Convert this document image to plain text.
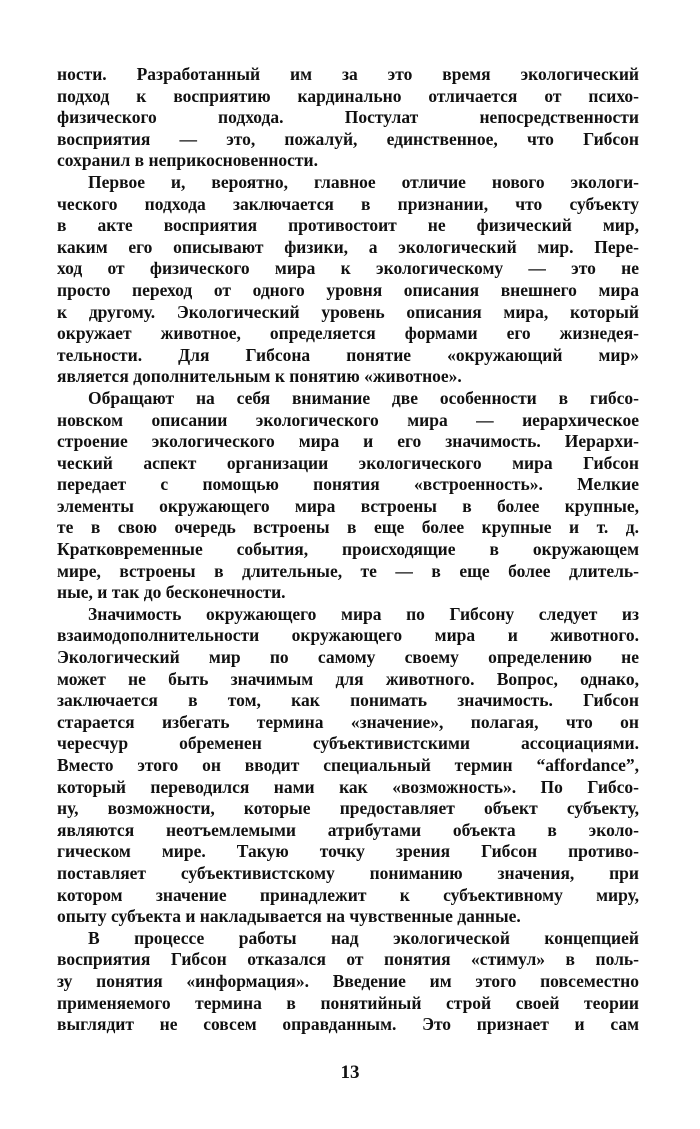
ности. Разработанный им за это время экологический
подход к восприятию кардинально отличается от психо-
физического подхода. Постулат непосредственности
восприятия — это, пожалуй, единственное, что Гибсон
сохранил в неприкосновенности.
Первое и, вероятно, главное отличие нового экологи-
ческого подхода заключается в признании, что субъекту
в акте восприятия противостоит не физический мир,
каким его описывают физики, а экологический мир. Пере-
ход от физического мира к экологическому — это не
просто переход от одного уровня описания внешнего мира
к другому. Экологический уровень описания мира, который
окружает животное, определяется формами его жизнедея-
тельности. Для Гибсона понятие «окружающий мир»
является дополнительным к понятию «животное».
Обращают на себя внимание две особенности в гибсо-
новском описании экологического мира — иерархическое
строение экологического мира и его значимость. Иерархи-
ческий аспект организации экологического мира Гибсон
передает с помощью понятия «встроенность». Мелкие
элементы окружающего мира встроены в более крупные,
те в свою очередь встроены в еще более крупные и т. д.
Кратковременные события, происходящие в окружающем
мире, встроены в длительные, те — в еще более длитель-
ные, и так до бесконечности.
Значимость окружающего мира по Гибсону следует из
взаимодополнительности окружающего мира и животного.
Экологический мир по самому своему определению не
может не быть значимым для животного. Вопрос, однако,
заключается в том, как понимать значимость. Гибсон
старается избегать термина «значение», полагая, что он
чересчур обременен субъективистскими ассоциациями.
Вместо этого он вводит специальный термин “affordance”,
который переводился нами как «возможность». По Гибсо-
ну, возможности, которые предоставляет объект субъекту,
являются неотъемлемыми атрибутами объекта в эколо-
гическом мире. Такую точку зрения Гибсон противо-
поставляет субъективистскому пониманию значения, при
котором значение принадлежит к субъективному миру,
опыту субъекта и накладывается на чувственные данные.
В процессе работы над экологической концепцией
восприятия Гибсон отказался от понятия «стимул» в поль-
зу понятия «информация». Введение им этого повсеместно
применяемого термина в понятийный строй своей теории
выглядит не совсем оправданным. Это признает и сам
13
